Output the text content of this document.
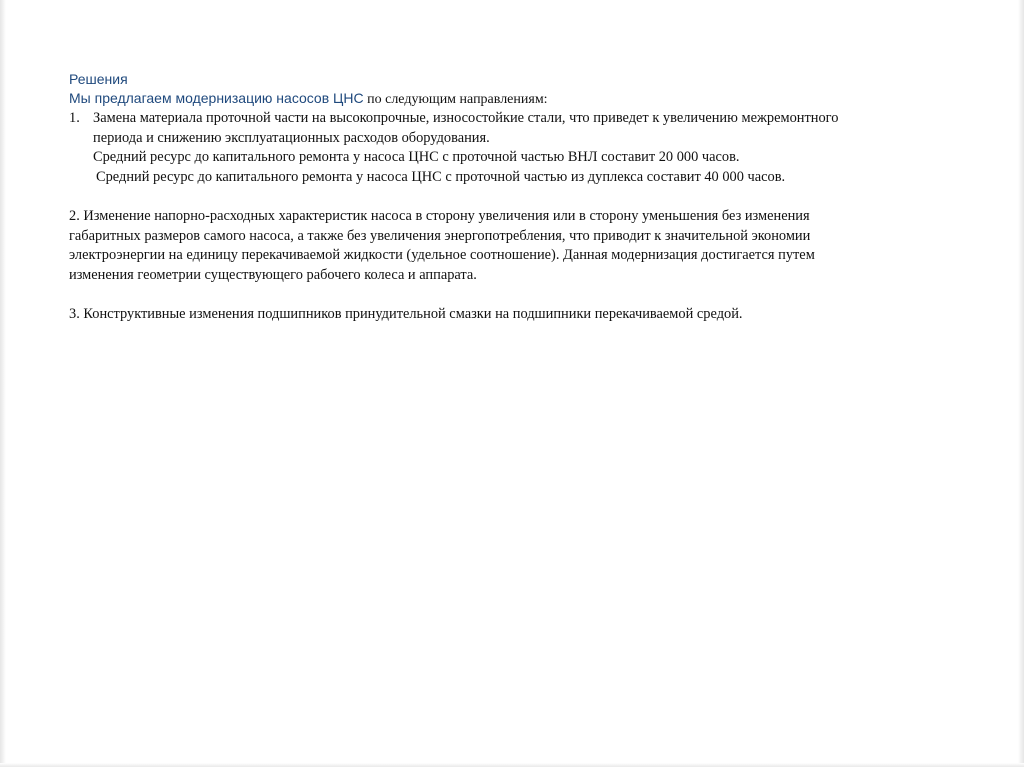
Решения

Мы предлагаем модернизацию насосов ЦНС по следующим направлениям:

1. Замена материала проточной части на высокопрочные, износостойкие стали, что приведет к увеличению межремонтного

периода и снижению эксплуатационных расходов оборудования.

Средний ресурс до капитального ремонта у насоса ЦНС с проточной частью ВНЛ составит 20 000 часов.

Средний ресурс до капитального ремонта у насоса ЦНС с проточной частью из дуплекса составит 40 000 часов.

2. Изменение напорно-расходных характеристик насоса в сторону увеличения или в сторону уменьшения без изменения

габаритных размеров самого насоса, а также без увеличения энергопотребления, что приводит к значительной экономии

электроэнергии на единицу перекачиваемой жидкости (удельное соотношение). Данная модернизация достигается путем

изменения геометрии существующего рабочего колеса и аппарата.

3. Конструктивные изменения подшипников принудительной смазки на подшипники перекачиваемой средой.
